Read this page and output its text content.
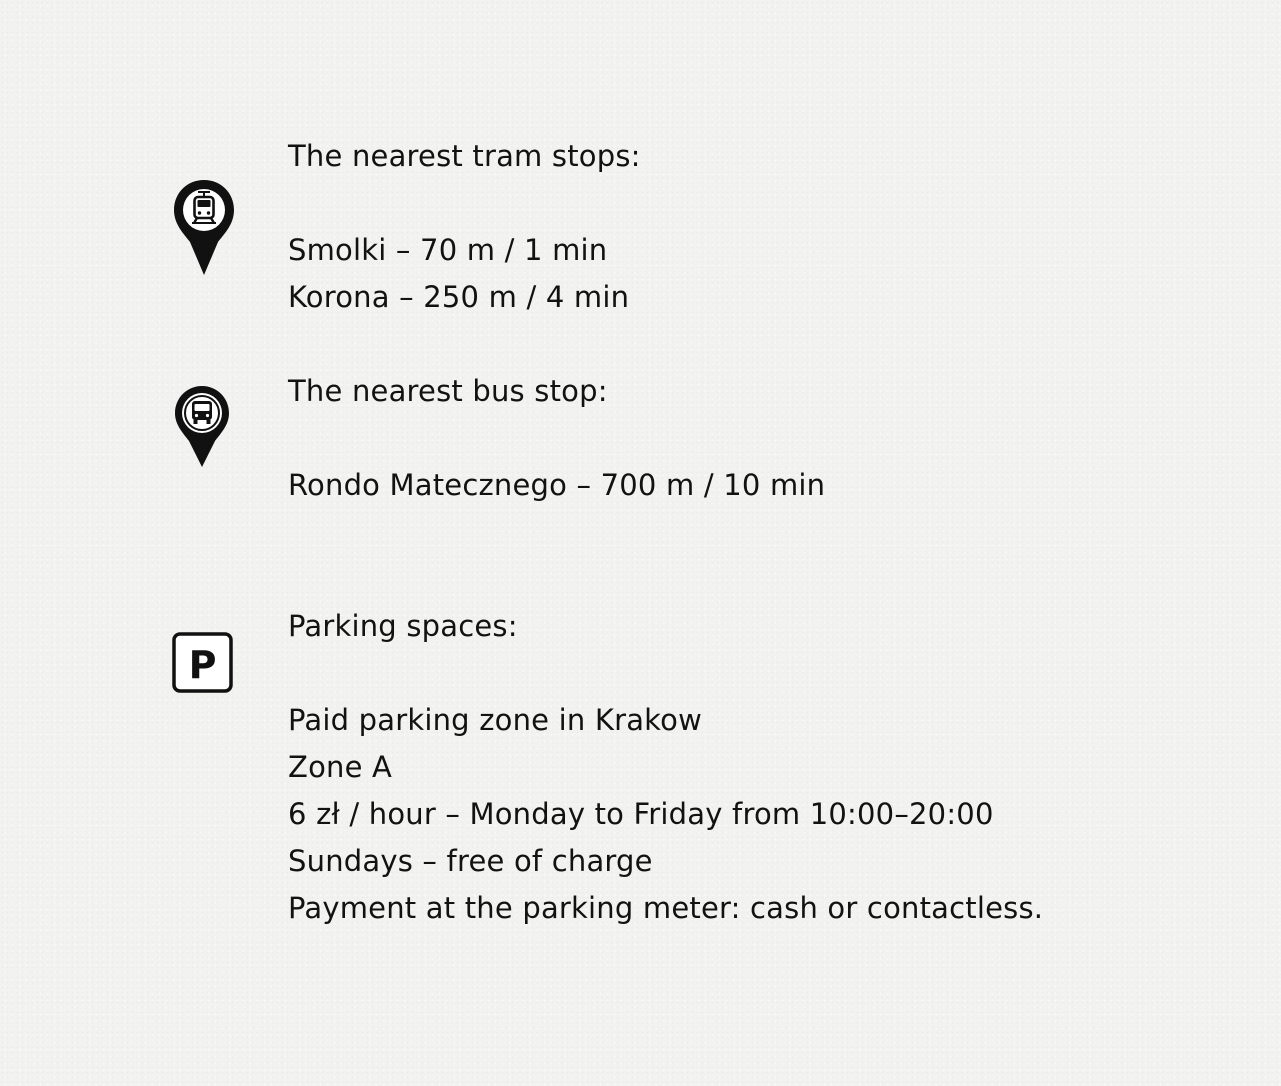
The nearest tram stops:
Smolki – 70 m / 1 min
Korona – 250 m / 4 min
The nearest bus stop:
Rondo Matecznego – 700 m / 10 min
P
Parking spaces:
Paid parking zone in Krakow
Zone A
6 zł / hour – Monday to Friday from 10:00–20:00
Sundays – free of charge
Payment at the parking meter: cash or contactless.
